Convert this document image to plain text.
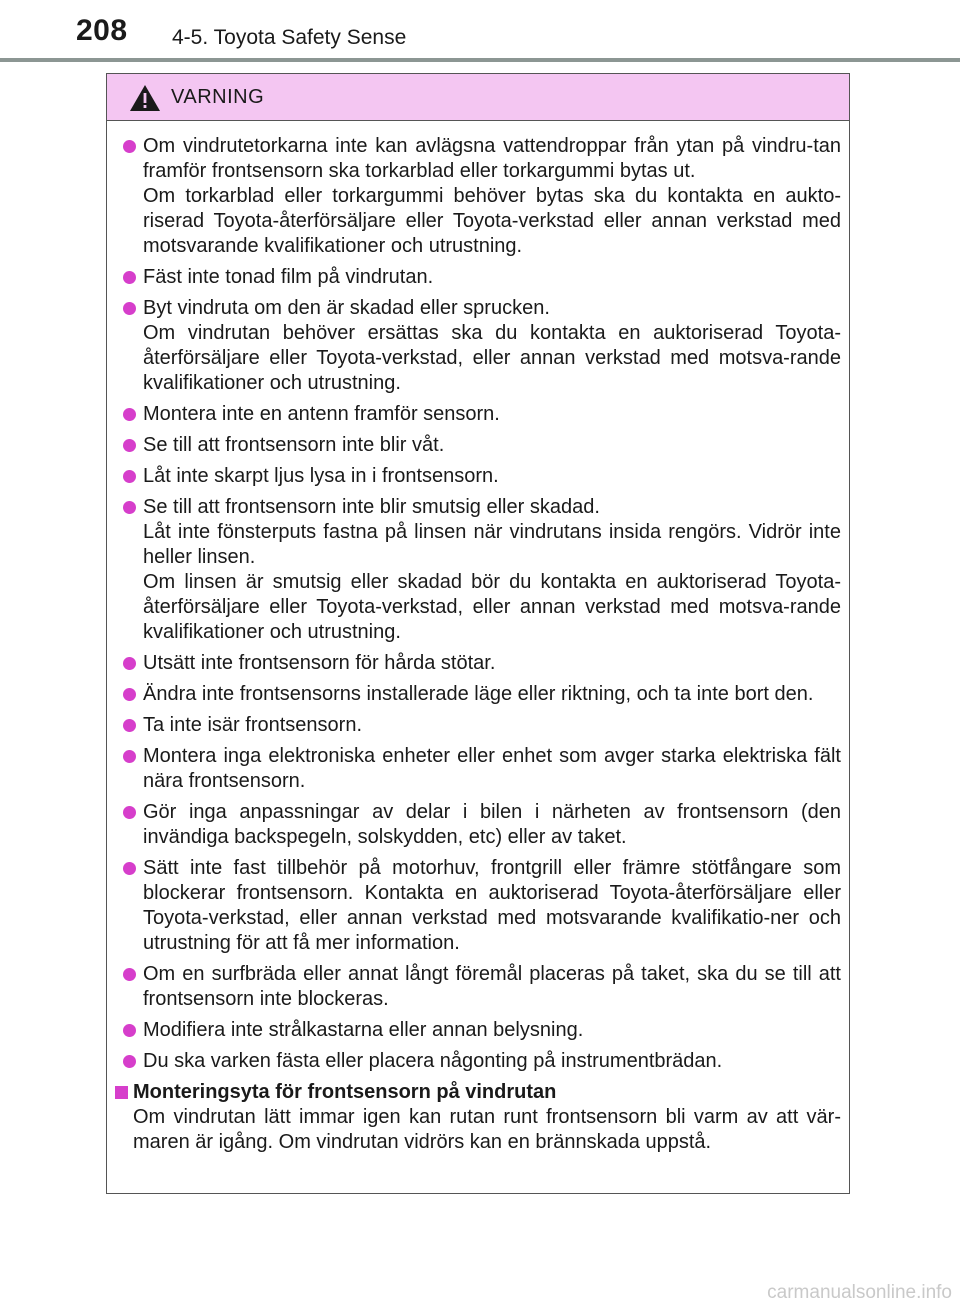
208 4-5. Toyota Safety Sense
VARNING
Om vindrutetorkarna inte kan avlägsna vattendroppar från ytan på vindru-tan framför frontsensorn ska torkarblad eller torkargummi bytas ut.
Om torkarblad eller torkargummi behöver bytas ska du kontakta en aukto-riserad Toyota-återförsäljare eller Toyota-verkstad eller annan verkstad med motsvarande kvalifikationer och utrustning.
Fäst inte tonad film på vindrutan.
Byt vindruta om den är skadad eller sprucken.
Om vindrutan behöver ersättas ska du kontakta en auktoriserad Toyota-återförsäljare eller Toyota-verkstad, eller annan verkstad med motsva-rande kvalifikationer och utrustning.
Montera inte en antenn framför sensorn.
Se till att frontsensorn inte blir våt.
Låt inte skarpt ljus lysa in i frontsensorn.
Se till att frontsensorn inte blir smutsig eller skadad.
Låt inte fönsterputs fastna på linsen när vindrutans insida rengörs. Vidrör inte heller linsen.
Om linsen är smutsig eller skadad bör du kontakta en auktoriserad Toyota-återförsäljare eller Toyota-verkstad, eller annan verkstad med motsva-rande kvalifikationer och utrustning.
Utsätt inte frontsensorn för hårda stötar.
Ändra inte frontsensorns installerade läge eller riktning, och ta inte bort den.
Ta inte isär frontsensorn.
Montera inga elektroniska enheter eller enhet som avger starka elektriska fält nära frontsensorn.
Gör inga anpassningar av delar i bilen i närheten av frontsensorn (den invändiga backspegeln, solskydden, etc) eller av taket.
Sätt inte fast tillbehör på motorhuv, frontgrill eller främre stötfångare som blockerar frontsensorn. Kontakta en auktoriserad Toyota-återförsäljare eller Toyota-verkstad, eller annan verkstad med motsvarande kvalifikatio-ner och utrustning för att få mer information.
Om en surfbräda eller annat långt föremål placeras på taket, ska du se till att frontsensorn inte blockeras.
Modifiera inte strålkastarna eller annan belysning.
Du ska varken fästa eller placera någonting på instrumentbrädan.
Monteringsyta för frontsensorn på vindrutan
Om vindrutan lätt immar igen kan rutan runt frontsensorn bli varm av att vär-maren är igång. Om vindrutan vidrörs kan en brännskada uppstå.
carmanualsonline.info
